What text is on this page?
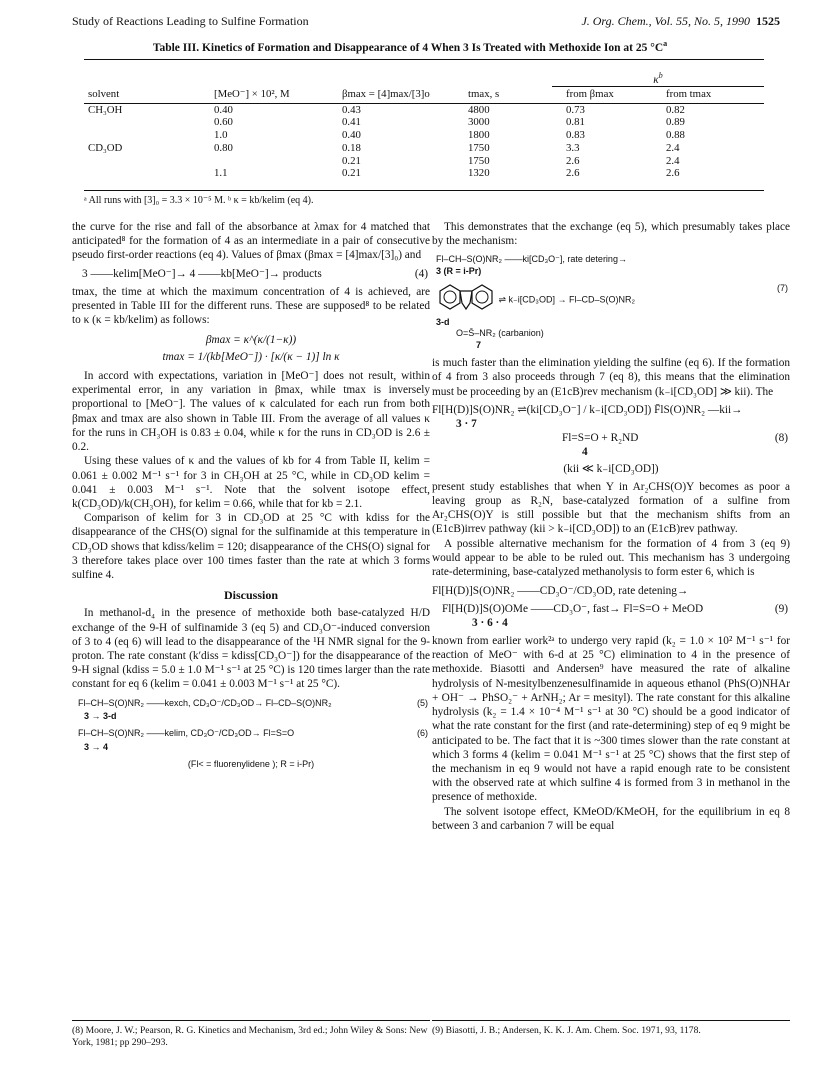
Study of Reactions Leading to Sulfine Formation	J. Org. Chem., Vol. 55, No. 5, 1990 1525
Table III. Kinetics of Formation and Disappearance of 4 When 3 Is Treated with Methoxide Ion at 25 $^\circ C^a$
$\kappa^b$
solvent	[MeO⁻] × 10², M	βmax = [4]max/[3]o	tmax, s	from βmax	from tmax
CH₃OH	0.40	0.43	4800	0.73	0.82
	0.60	0.41	3000	0.81	0.89
	1.0	0.40	1800	0.83	0.88
CD₃OD	0.80	0.18	1750	3.3	2.4
		0.21	1750	2.6	2.4
	1.1	0.21	1320	2.6	2.6
ᵃ All runs with [3]₀ = 3.3 × 10⁻⁵ M. ᵇ κ = kb/kelim (eq 4).

the curve for the rise and fall of the absorbance at λmax for 4 matched that anticipated⁸ for the formation of 4 as an intermediate in a pair of consecutive pseudo first-order reactions (eq 4). Values of βmax (βmax = [4]max/[3]₀) and

3 ——kelim[MeO⁻]→ 4 ——kb[MeO⁻]→ products	(4)

tmax, the time at which the maximum concentration of 4 is achieved, are presented in Table III for the different runs. These are supposed⁸ to be related to κ (κ = kb/kelim) as follows:

βmax = κ^(κ/(1−κ))
tmax = 1/(kb[MeO⁻]) · [κ/(κ − 1)] ln κ

In accord with expectations, variation in [MeO⁻] does not result, within experimental error, in any variation in βmax, while tmax is inversely proportional to [MeO⁻]. The values of κ calculated for each run from both βmax and tmax are also shown in Table III. From the average of all values κ for the runs in CH₃OH is 0.83 ± 0.04, while κ for the runs in CD₃OD is 2.6 ± 0.2.

Using these values of κ and the values of kb for 4 from Table II, kelim = 0.061 ± 0.002 M⁻¹ s⁻¹ for 3 in CH₃OH at 25 °C, while in CD₃OD kelim = 0.041 ± 0.003 M⁻¹ s⁻¹. Note that the solvent isotope effect, k(CD₃OD)/k(CH₃OH), for kelim = 0.66, while that for kb = 2.1.

Comparison of kelim for 3 in CD₃OD at 25 °C with kdiss for the disappearance of the CHS(O) signal for the sulfinamide at this temperature in CD₃OD shows that kdiss/kelim = 120; disappearance of the CHS(O) signal for 3 therefore takes place over 100 times faster than the rate at which 3 forms sulfine 4.

Discussion

In methanol-d₄ in the presence of methoxide both base-catalyzed H/D exchange of the 9-H of sulfinamide 3 (eq 5) and CD₃O⁻-induced conversion of 3 to 4 (eq 6) will lead to the disappearance of the ¹H NMR signal for the 9-proton. The rate constant (k′diss = kdiss[CD₃O⁻]) for the disappearance of the 9-H signal (kdiss = 5.0 ± 1.0 M⁻¹ s⁻¹ at 25 °C) is 120 times larger than the rate constant for eq 6 (kelim = 0.041 ± 0.003 M⁻¹ s⁻¹ at 25 °C).

Fl–CH–S(O)NR₂ ——kexch, CD₃O⁻/CD₃OD→ Fl–CD–S(O)NR₂	(5)
3 → 3-d
Fl–CH–S(O)NR₂ ——kelim, CD₃O⁻/CD₃OD→ Fl=S=O	(6)
3 → 4
(Fl< = fluorenylidene ); R = i-Pr)
(8) Moore, J. W.; Pearson, R. G. Kinetics and Mechanism, 3rd ed.; John Wiley & Sons: New York, 1981; pp 290–293.

This demonstrates that the exchange (eq 5), which presumably takes place by the mechanism:

Fl–CH–S(O)NR₂ ——ki[CD₃O⁻], rate detering→
3 (R = i-Pr)
⇌ k₋i[CD₃OD] → Fl–CD–S(O)NR₂
(7)
3-d
O=S̄–NR₂ (carbanion)
7

is much faster than the elimination yielding the sulfine (eq 6). If the formation of 4 from 3 also proceeds through 7 (eq 8), this means that the elimination must be proceeding by an (E1cB)rev mechanism (k₋i[CD₃OD] ≫ kii). The

Fl[H(D)]S(O)NR₂ ⇌(ki[CD₃O⁻] / k₋i[CD₃OD]) F̄lS(O)NR₂ —kii→
3 · 7
Fl=S=O + R₂ND	(8)
4
(kii ≪ k₋i[CD₃OD])

present study establishes that when Y in Ar₂CHS(O)Y becomes as poor a leaving group as R₂N, base-catalyzed formation of a sulfine from Ar₂CHS(O)Y is still possible but that the mechanism shifts from an (E1cB)irrev pathway (kii > k₋i[CD₃OD]) to an (E1cB)rev pathway.

A possible alternative mechanism for the formation of 4 from 3 (eq 9) would appear to be able to be ruled out. This mechanism has 3 undergoing rate-determining, base-catalyzed methanolysis to form ester 6, which is

Fl[H(D)]S(O)NR₂ ——CD₃O⁻/CD₃OD, rate detening→
Fl[H(D)]S(O)OMe ——CD₃O⁻, fast→ Fl=S=O + MeOD	(9)
3 · 6 · 4

known from earlier work²ᵃ to undergo very rapid (k₂ = 1.0 × 10² M⁻¹ s⁻¹ for reaction of MeO⁻ with 6-d at 25 °C) elimination to 4 in the presence of methoxide. Biasotti and Andersen⁹ have measured the rate of alkaline hydrolysis of N-mesitylbenzenesulfinamide in aqueous ethanol (PhS(O)NHAr + OH⁻ → PhSO₂⁻ + ArNH₂; Ar = mesityl). The rate constant for this alkaline hydrolysis (k₂ = 1.4 × 10⁻⁴ M⁻¹ s⁻¹ at 30 °C) should be a good indicator of what the rate constant for the first (and rate-determining) step of eq 9 might be anticipated to be. The fact that it is ~300 times slower than the rate constant at which 3 forms 4 (kelim = 0.041 M⁻¹ s⁻¹ at 25 °C) shows that the first step of the mechanism in eq 9 would not have a rapid enough rate to be consistent with the observed rate at which sulfine 4 is formed from 3 in methanol in the presence of methoxide.

The solvent isotope effect, KMeOD/KMeOH, for the equilibrium in eq 8 between 3 and carbanion 7 will be equal

(9) Biasotti, J. B.; Andersen, K. K. J. Am. Chem. Soc. 1971, 93, 1178.
